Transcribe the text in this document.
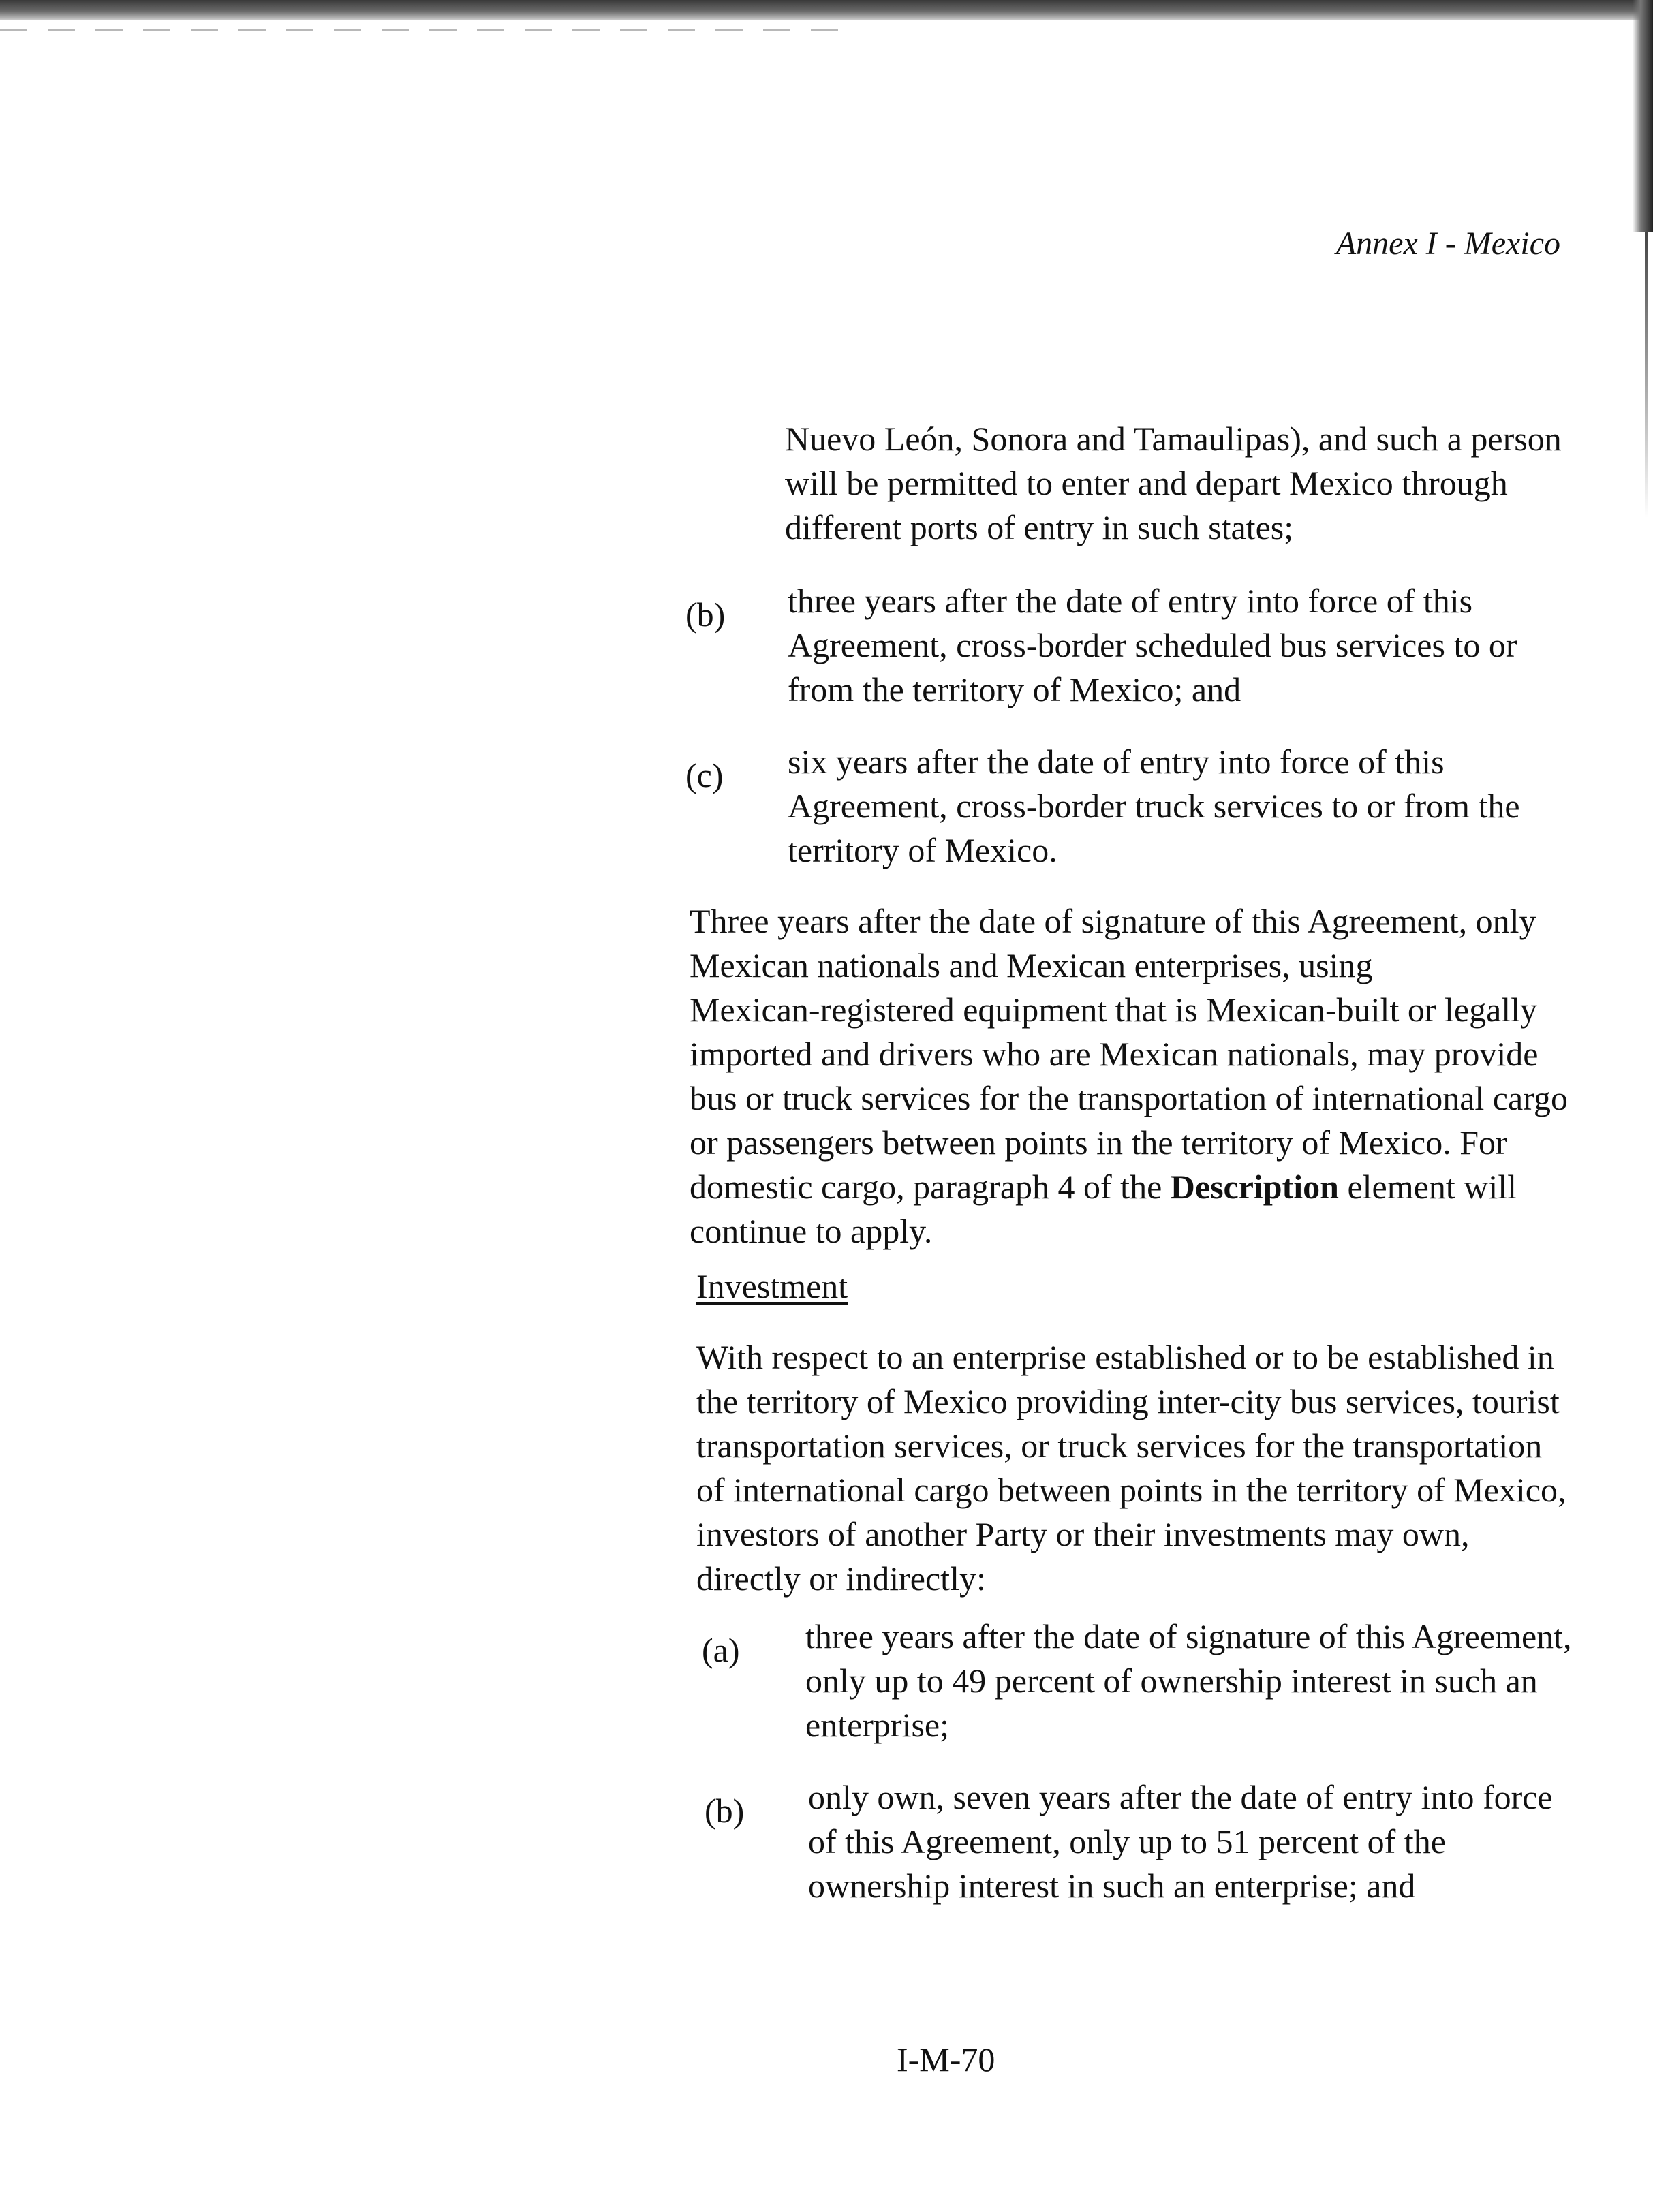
Annex I - Mexico

Nuevo León, Sonora and Tamaulipas), and such a person
will be permitted to enter and depart Mexico through
different ports of entry in such states;

(b) three years after the date of entry into force of this
Agreement, cross-border scheduled bus services to or
from the territory of Mexico; and

(c) six years after the date of entry into force of this
Agreement, cross-border truck services to or from the
territory of Mexico.

Three years after the date of signature of this Agreement, only
Mexican nationals and Mexican enterprises, using
Mexican-registered equipment that is Mexican-built or legally
imported and drivers who are Mexican nationals, may provide
bus or truck services for the transportation of international cargo
or passengers between points in the territory of Mexico. For
domestic cargo, paragraph 4 of the Description element will
continue to apply.

Investment

With respect to an enterprise established or to be established in
the territory of Mexico providing inter-city bus services, tourist
transportation services, or truck services for the transportation
of international cargo between points in the territory of Mexico,
investors of another Party or their investments may own,
directly or indirectly:

(a) three years after the date of signature of this Agreement,
only up to 49 percent of ownership interest in such an
enterprise;

(b) only own, seven years after the date of entry into force
of this Agreement, only up to 51 percent of the
ownership interest in such an enterprise; and

I-M-70
